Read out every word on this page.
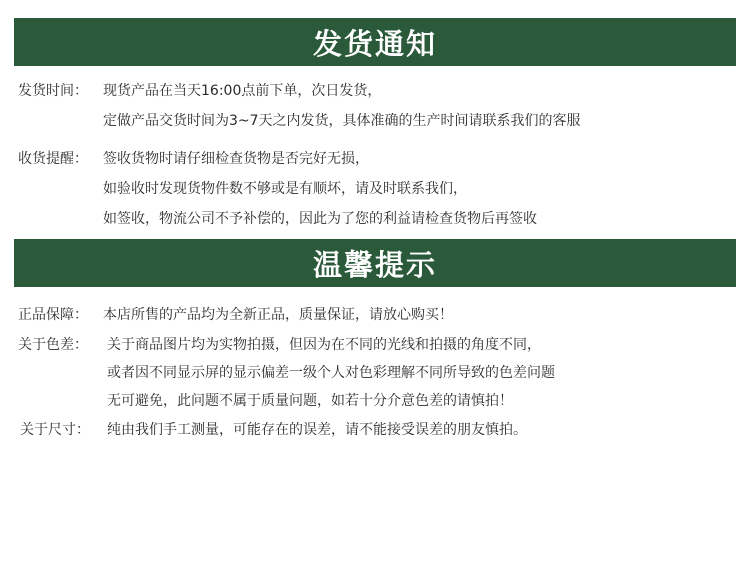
发货通知
发货时间：	现货产品在当天16:00点前下单，次日发货，
定做产品交货时间为3~7天之内发货，具体准确的生产时间请联系我们的客服
收货提醒：	签收货物时请仔细检查货物是否完好无损，
如验收时发现货物件数不够或是有顺坏，请及时联系我们，
如签收，物流公司不予补偿的，因此为了您的利益请检查货物后再签收
温馨提示
正品保障：	本店所售的产品均为全新正品，质量保证，请放心购买！
关于色差：	关于商品图片均为实物拍摄，但因为在不同的光线和拍摄的角度不同，
或者因不同显示屏的显示偏差一级个人对色彩理解不同所导致的色差问题
无可避免，此问题不属于质量问题，如若十分介意色差的请慎拍！
关于尺寸：	纯由我们手工测量，可能存在的误差，请不能接受误差的朋友慎拍。
